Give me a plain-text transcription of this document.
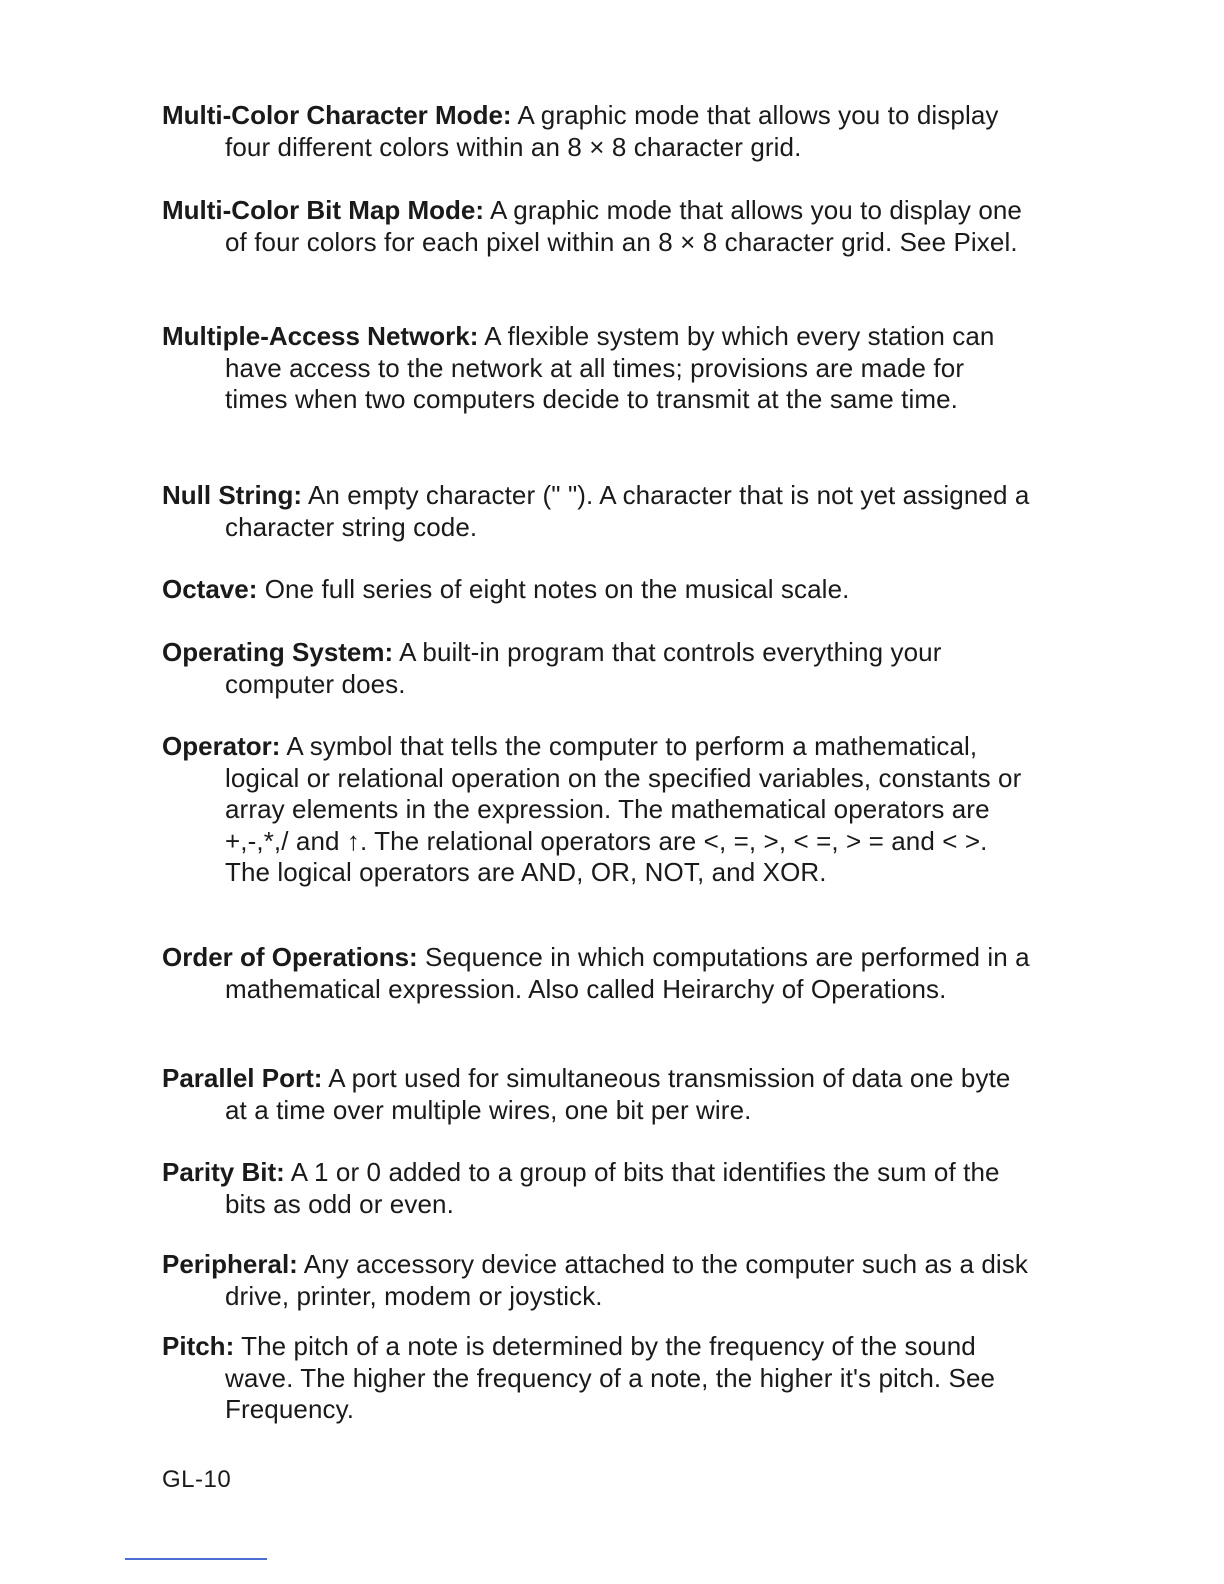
Multi-Color Character Mode: A graphic mode that allows you to display four different colors within an 8 × 8 character grid.

Multi-Color Bit Map Mode: A graphic mode that allows you to display one of four colors for each pixel within an 8 × 8 character grid. See Pixel.

Multiple-Access Network: A flexible system by which every station can have access to the network at all times; provisions are made for times when two computers decide to transmit at the same time.

Null String: An empty character (" "). A character that is not yet assigned a character string code.

Octave: One full series of eight notes on the musical scale.

Operating System: A built-in program that controls everything your computer does.

Operator: A symbol that tells the computer to perform a mathematical, logical or relational operation on the specified variables, constants or array elements in the expression. The mathematical operators are +,-,*,/ and ↑. The relational operators are <, =, >, < =, > = and < >. The logical operators are AND, OR, NOT, and XOR.

Order of Operations: Sequence in which computations are performed in a mathematical expression. Also called Heirarchy of Operations.

Parallel Port: A port used for simultaneous transmission of data one byte at a time over multiple wires, one bit per wire.

Parity Bit: A 1 or 0 added to a group of bits that identifies the sum of the bits as odd or even.

Peripheral: Any accessory device attached to the computer such as a disk drive, printer, modem or joystick.

Pitch: The pitch of a note is determined by the frequency of the sound wave. The higher the frequency of a note, the higher it's pitch. See Frequency.

GL-10
